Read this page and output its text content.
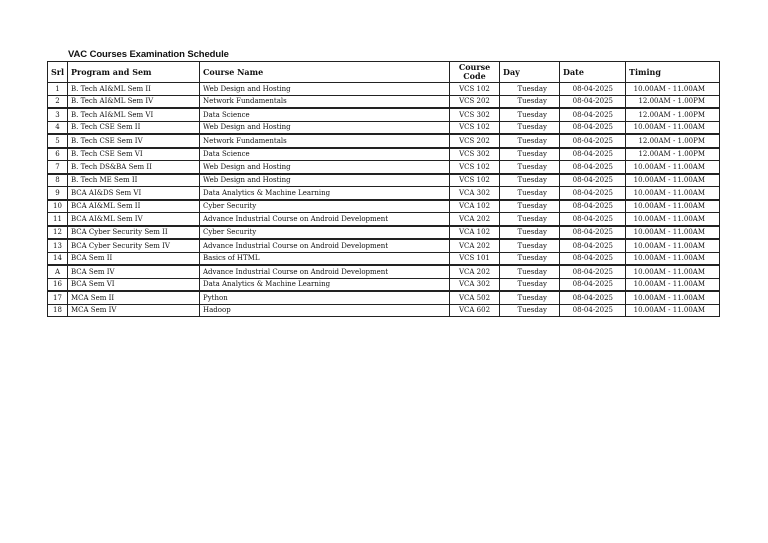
VAC Courses Examination Schedule
Srl	Program and Sem	Course Name	Course Code	Day	Date	Timing
1	B. Tech AI&ML Sem II	Web Design and Hosting	VCS 102	Tuesday	08-04-2025	10.00AM - 11.00AM
2	B. Tech AI&ML Sem IV	Network Fundamentals	VCS 202	Tuesday	08-04-2025	12.00AM - 1.00PM
3	B. Tech AI&ML Sem VI	Data Science	VCS 302	Tuesday	08-04-2025	12.00AM - 1.00PM
4	B. Tech CSE Sem II	Web Design and Hosting	VCS 102	Tuesday	08-04-2025	10.00AM - 11.00AM
5	B. Tech CSE Sem IV	Network Fundamentals	VCS 202	Tuesday	08-04-2025	12.00AM - 1.00PM
6	B. Tech CSE Sem VI	Data Science	VCS 302	Tuesday	08-04-2025	12.00AM - 1.00PM
7	B. Tech DS&BA Sem II	Web Design and Hosting	VCS 102	Tuesday	08-04-2025	10.00AM - 11.00AM
8	B. Tech ME Sem II	Web Design and Hosting	VCS 102	Tuesday	08-04-2025	10.00AM - 11.00AM
9	BCA AI&DS Sem VI	Data Analytics & Machine Learning	VCA 302	Tuesday	08-04-2025	10.00AM - 11.00AM
10	BCA AI&ML Sem II	Cyber Security	VCA 102	Tuesday	08-04-2025	10.00AM - 11.00AM
11	BCA AI&ML Sem IV	Advance Industrial Course on Android Development	VCA 202	Tuesday	08-04-2025	10.00AM - 11.00AM
12	BCA Cyber Security Sem II	Cyber Security	VCA 102	Tuesday	08-04-2025	10.00AM - 11.00AM
13	BCA Cyber Security Sem IV	Advance Industrial Course on Android Development	VCA 202	Tuesday	08-04-2025	10.00AM - 11.00AM
14	BCA Sem II	Basics of HTML	VCS 101	Tuesday	08-04-2025	10.00AM - 11.00AM
A	BCA Sem IV	Advance Industrial Course on Android Development	VCA 202	Tuesday	08-04-2025	10.00AM - 11.00AM
16	BCA Sem VI	Data Analytics & Machine Learning	VCA 302	Tuesday	08-04-2025	10.00AM - 11.00AM
17	MCA Sem II	Python	VCA 502	Tuesday	08-04-2025	10.00AM - 11.00AM
18	MCA Sem IV	Hadoop	VCA 602	Tuesday	08-04-2025	10.00AM - 11.00AM
